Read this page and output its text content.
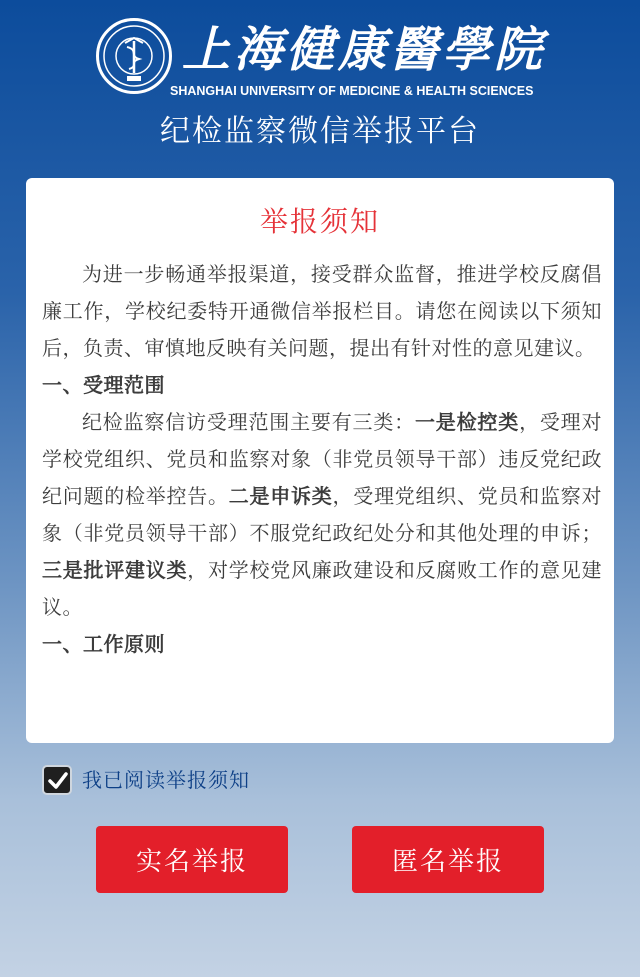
上海健康醫學院
SHANGHAI UNIVERSITY OF MEDICINE & HEALTH SCIENCES
纪检监察微信举报平台
举报须知

为进一步畅通举报渠道，接受群众监督，推进学校反腐倡廉工作，学校纪委特开通微信举报栏目。请您在阅读以下须知后，负责、审慎地反映有关问题，提出有针对性的意见建议。

一、受理范围

纪检监察信访受理范围主要有三类：一是检控类，受理对学校党组织、党员和监察对象（非党员领导干部）违反党纪政纪问题的检举控告。二是申诉类，受理党组织、党员和监察对象（非党员领导干部）不服党纪政纪处分和其他处理的申诉；三是批评建议类，对学校党风廉政建设和反腐败工作的意见建议。

一、工作原则

我已阅读举报须知
实名举报	匿名举报
